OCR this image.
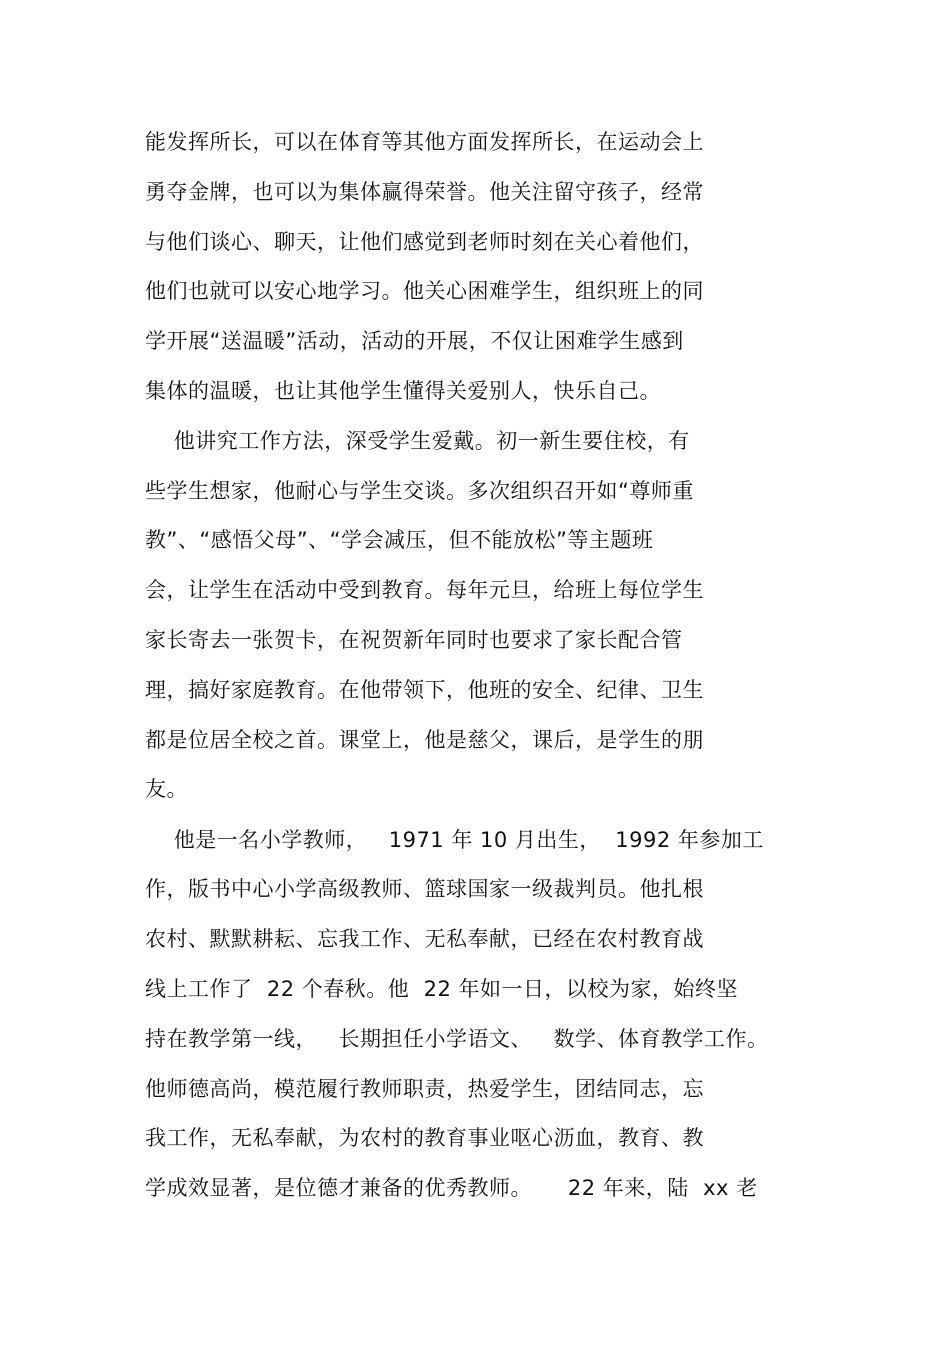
能发挥所长，可以在体育等其他方面发挥所长，在运动会上
勇夺金牌，也可以为集体赢得荣誉。他关注留守孩子，经常
与他们谈心、聊天，让他们感觉到老师时刻在关心着他们，
他们也就可以安心地学习。他关心困难学生，组织班上的同
学开展“送温暖”活动，活动的开展，不仅让困难学生感到
集体的温暖，也让其他学生懂得关爱别人，快乐自己。
他讲究工作方法，深受学生爱戴。初一新生要住校，有
些学生想家，他耐心与学生交谈。多次组织召开如“尊师重
教”、“感悟父母”、“学会减压，但不能放松”等主题班
会，让学生在活动中受到教育。每年元旦，给班上每位学生
家长寄去一张贺卡，在祝贺新年同时也要求了家长配合管
理，搞好家庭教育。在他带领下，他班的安全、纪律、卫生
都是位居全校之首。课堂上，他是慈父，课后，是学生的朋
友。
他是一名小学教师，   1971 年 10 月出生，  1992 年参加工
作，版书中心小学高级教师、篮球国家一级裁判员。他扎根
农村、默默耕耘、忘我工作、无私奉献，已经在农村教育战
线上工作了  22 个春秋。他  22 年如一日，以校为家，始终坚
持在教学第一线，   长期担任小学语文、   数学、体育教学工作。
他师德高尚，模范履行教师职责，热爱学生，团结同志，忘
我工作，无私奉献，为农村的教育事业呕心沥血，教育、教
学成效显著，是位德才兼备的优秀教师。     22 年来，陆  xx 老
